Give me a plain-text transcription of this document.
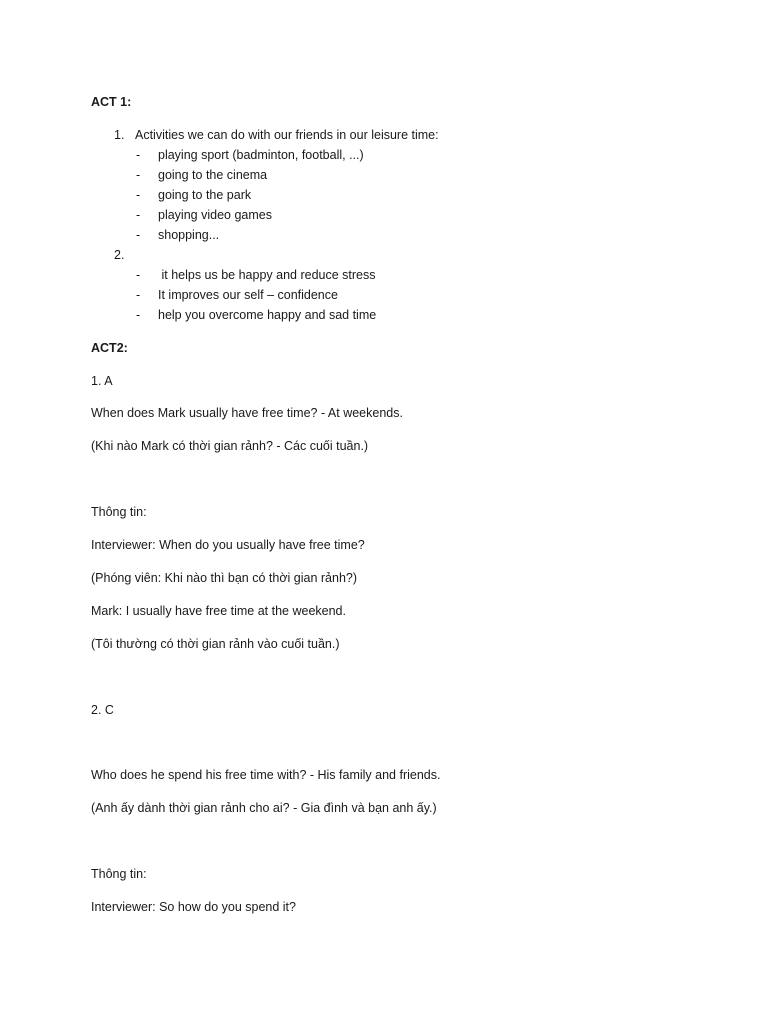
ACT 1:
1. Activities we can do with our friends in our leisure time:
- playing sport (badminton, football, ...)
- going to the cinema
- going to the park
- playing video games
- shopping...
2.
- it helps us be happy and reduce stress
- It improves our self – confidence
- help you overcome happy and sad time
ACT2:
1. A
When does Mark usually have free time? - At weekends.
(Khi nào Mark có thời gian rảnh? - Các cuối tuần.)
Thông tin:
Interviewer: When do you usually have free time?
(Phóng viên: Khi nào thì bạn có thời gian rảnh?)
Mark: I usually have free time at the weekend.
(Tôi thường có thời gian rảnh vào cuối tuần.)
2. C
Who does he spend his free time with? - His family and friends.
(Anh ấy dành thời gian rảnh cho ai? - Gia đình và bạn anh ấy.)
Thông tin:
Interviewer: So how do you spend it?
